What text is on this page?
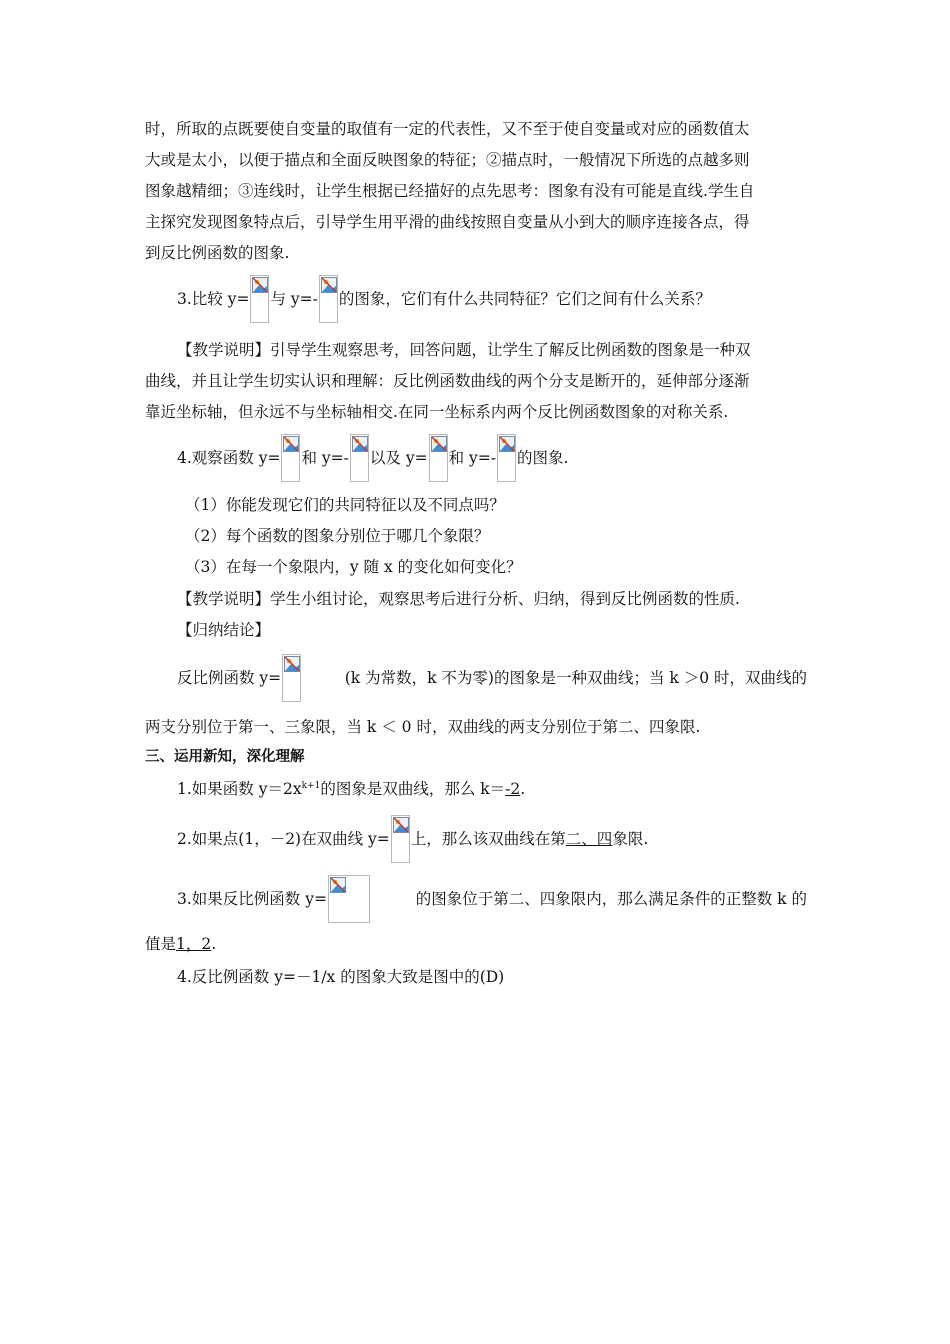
时，所取的点既要使自变量的取值有一定的代表性，又不至于使自变量或对应的函数值太
大或是太小，以便于描点和全面反映图象的特征；②描点时，一般情况下所选的点越多则
图象越精细；③连线时，让学生根据已经描好的点先思考：图象有没有可能是直线.学生自
主探究发现图象特点后，引导学生用平滑的曲线按照自变量从小到大的顺序连接各点，得
到反比例函数的图象.
3.比较 y= 与 y=- 的图象，它们有什么共同特征？它们之间有什么关系？
【教学说明】引导学生观察思考，回答问题，让学生了解反比例函数的图象是一种双
曲线，并且让学生切实认识和理解：反比例函数曲线的两个分支是断开的，延伸部分逐渐
靠近坐标轴，但永远不与坐标轴相交.在同一坐标系内两个反比例函数图象的对称关系.
4.观察函数 y= 和 y=- 以及 y= 和 y=- 的图象.
（1）你能发现它们的共同特征以及不同点吗？
（2）每个函数的图象分别位于哪几个象限？
（3）在每一个象限内，y 随 x 的变化如何变化？
【教学说明】学生小组讨论，观察思考后进行分析、归纳，得到反比例函数的性质.
【归纳结论】
反比例函数 y=	(k 为常数，k 不为零)的图象是一种双曲线；当 k ＞0 时，双曲线的
两支分别位于第一、三象限，当 k ＜ 0 时，双曲线的两支分别位于第二、四象限.
三、运用新知，深化理解
1.如果函数 $y=2x^{k+1}$的图象是双曲线，那么 k＝-2.
2.如果点(1，－2)在双曲线 y= 上，那么该双曲线在第 二、四 象限.
3.如果反比例函数 y=	的图象位于第二、四象限内，那么满足条件的正整数 k 的
值是1，2.
4.反比例函数 y=－1/x 的图象大致是图中的(D)
